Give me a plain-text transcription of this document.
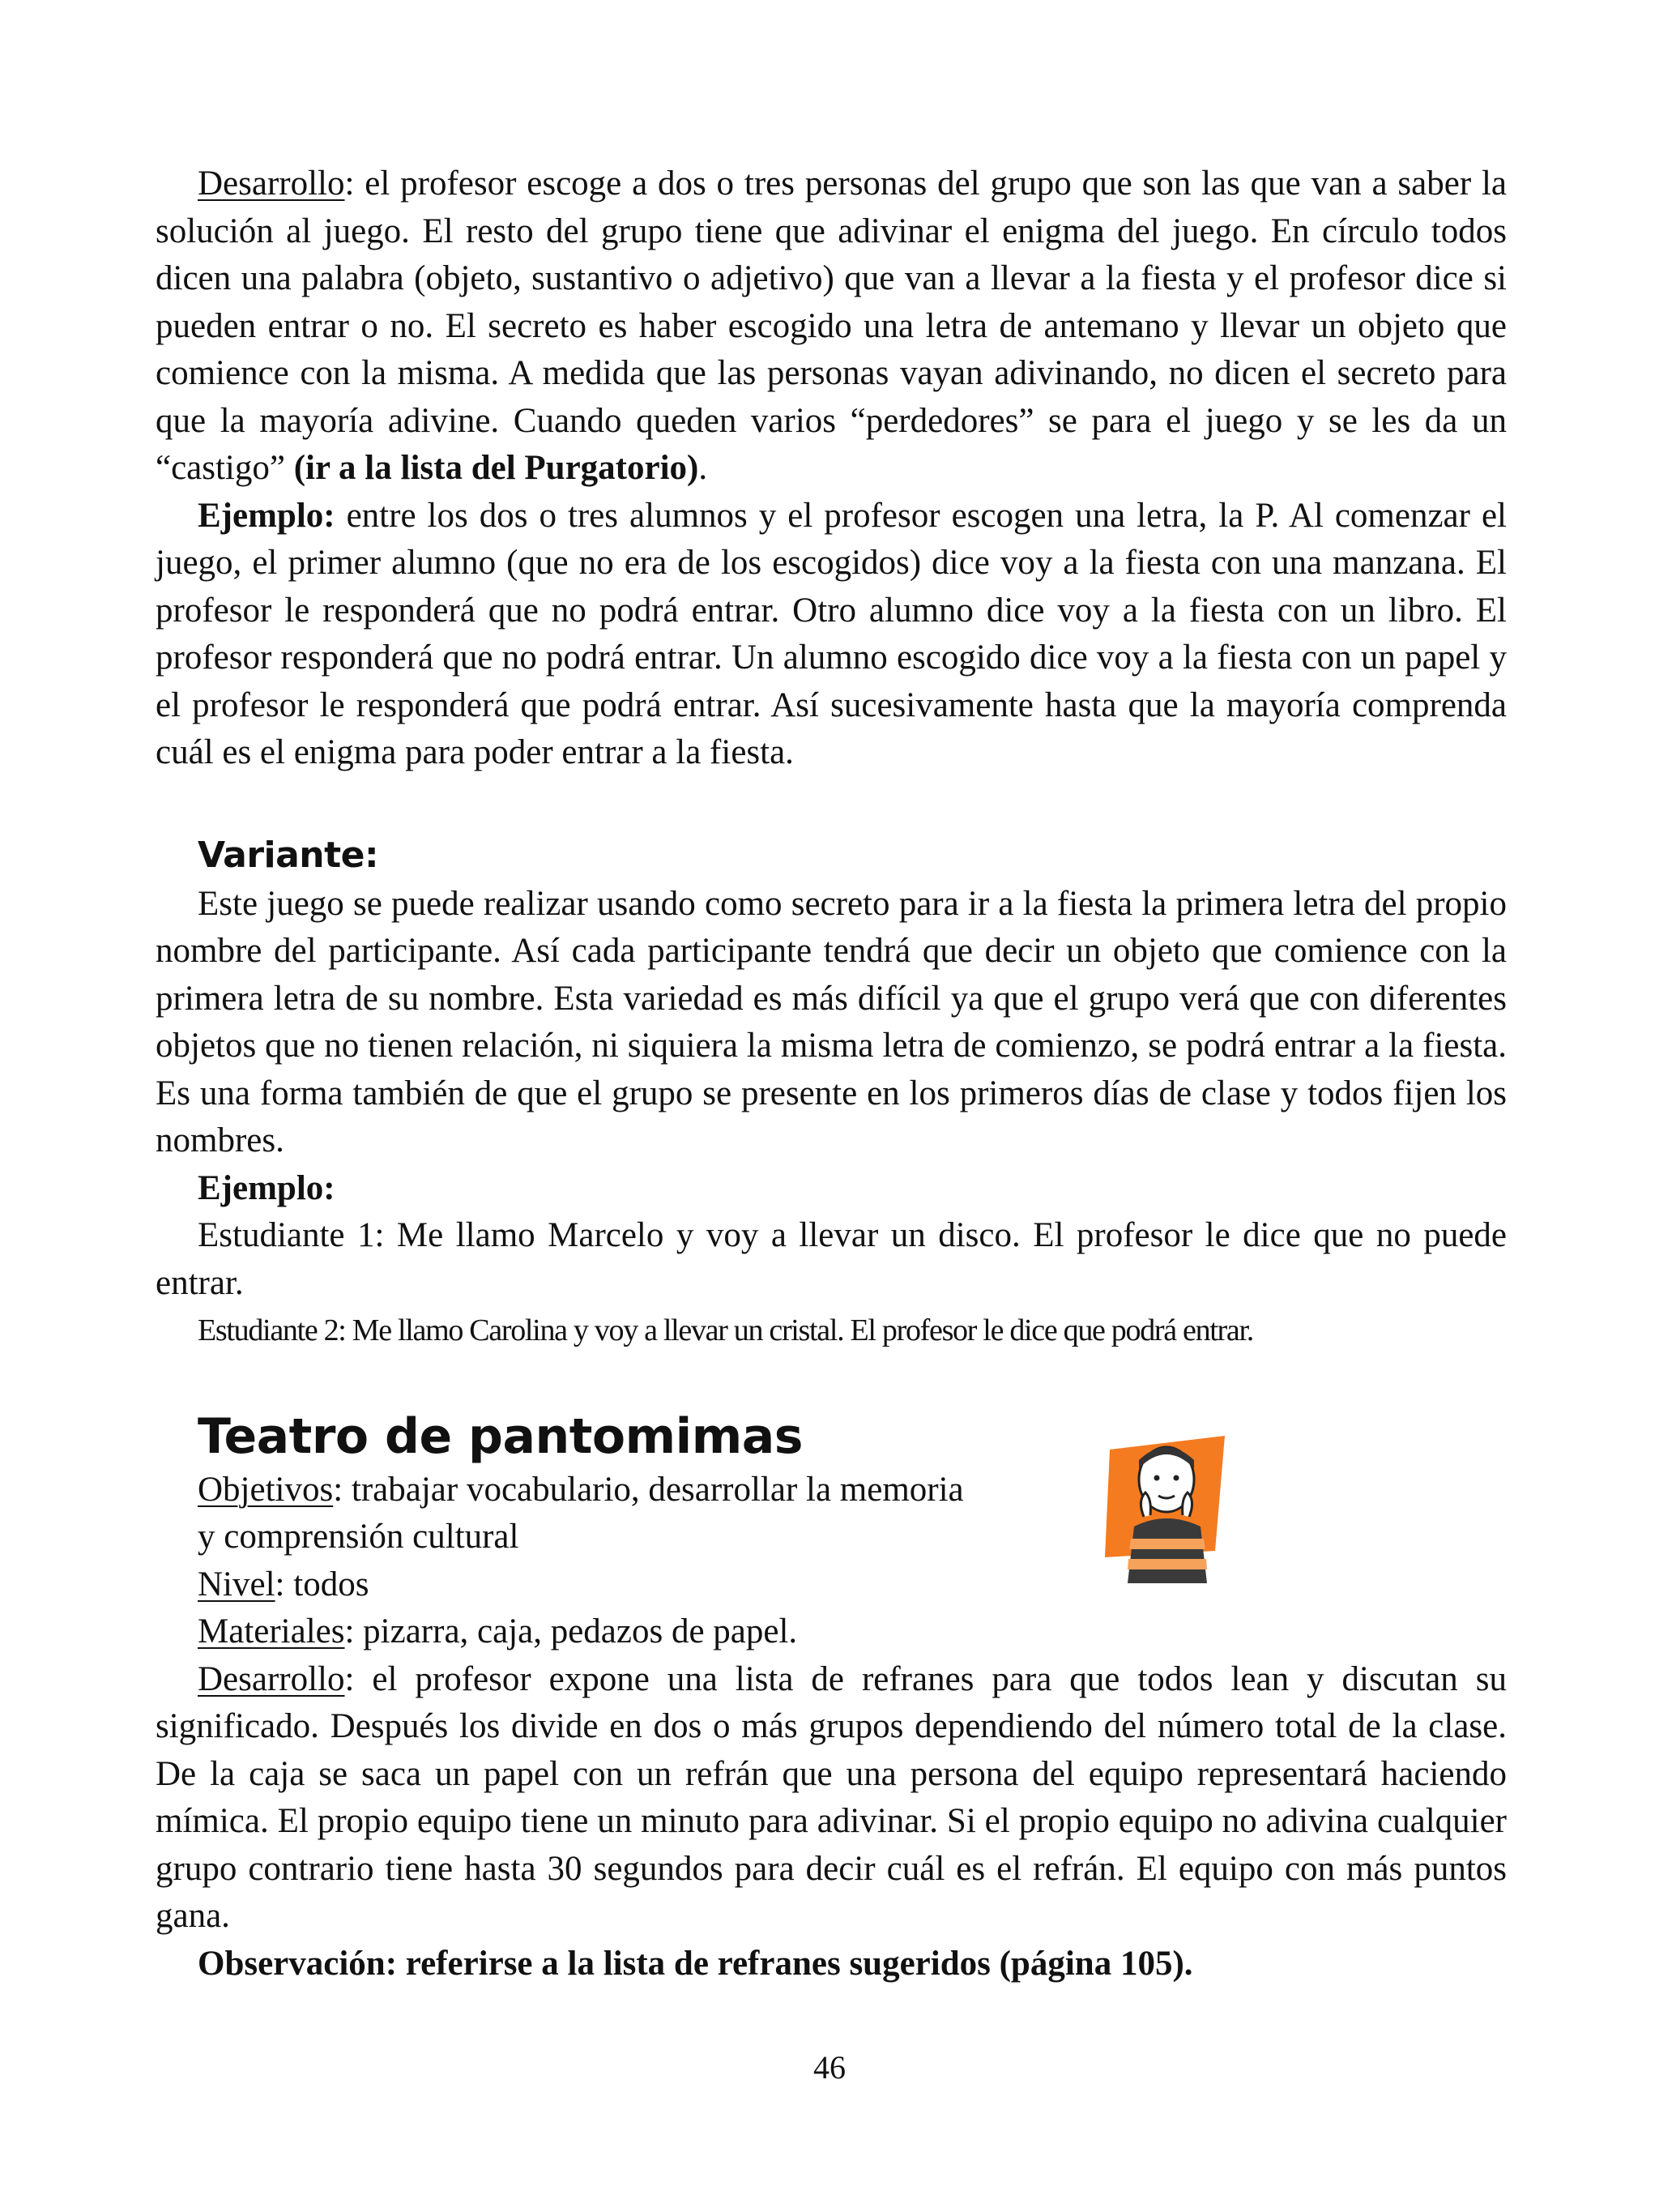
Desarrollo: el profesor escoge a dos o tres personas del grupo que son las que van a saber la solución al juego. El resto del grupo tiene que adivinar el enigma del juego. En círculo todos dicen una palabra (objeto, sustantivo o adjetivo) que van a llevar a la fiesta y el profesor dice si pueden entrar o no. El secreto es haber escogido una letra de antemano y llevar un objeto que comience con la misma. A medida que las personas vayan adivinando, no dicen el secreto para que la mayoría adivine. Cuando queden varios “perdedores” se para el juego y se les da un “castigo” (ir a la lista del Purgatorio).

Ejemplo: entre los dos o tres alumnos y el profesor escogen una letra, la P. Al comenzar el juego, el primer alumno (que no era de los escogidos) dice voy a la fiesta con una manzana. El profesor le responderá que no podrá entrar. Otro alumno dice voy a la fiesta con un libro. El profesor responderá que no podrá entrar. Un alumno escogido dice voy a la fiesta con un papel y el profesor le responderá que podrá entrar. Así sucesivamente hasta que la mayoría comprenda cuál es el enigma para poder entrar a la fiesta.

Variante:

Este juego se puede realizar usando como secreto para ir a la fiesta la primera letra del propio nombre del participante. Así cada participante tendrá que decir un objeto que comience con la primera letra de su nombre. Esta variedad es más difícil ya que el grupo verá que con diferentes objetos que no tienen relación, ni siquiera la misma letra de comienzo, se podrá entrar a la fiesta. Es una forma también de que el grupo se presente en los primeros días de clase y todos fijen los nombres.

Ejemplo:

Estudiante 1: Me llamo Marcelo y voy a llevar un disco. El profesor le dice que no puede entrar.

Estudiante 2: Me llamo Carolina y voy a llevar un cristal. El profesor le dice que podrá entrar.

Teatro de pantomimas

Objetivos: trabajar vocabulario, desarrollar la memoria

y comprensión cultural

Nivel: todos

Materiales: pizarra, caja, pedazos de papel.

Desarrollo: el profesor expone una lista de refranes para que todos lean y discutan su significado. Después los divide en dos o más grupos dependiendo del número total de la clase. De la caja se saca un papel con un refrán que una persona del equipo representará haciendo mímica. El propio equipo tiene un minuto para adivinar. Si el propio equipo no adivina cualquier grupo contrario tiene hasta 30 segundos para decir cuál es el refrán. El equipo con más puntos gana.

Observación: referirse a la lista de refranes sugeridos (página 105).

46
